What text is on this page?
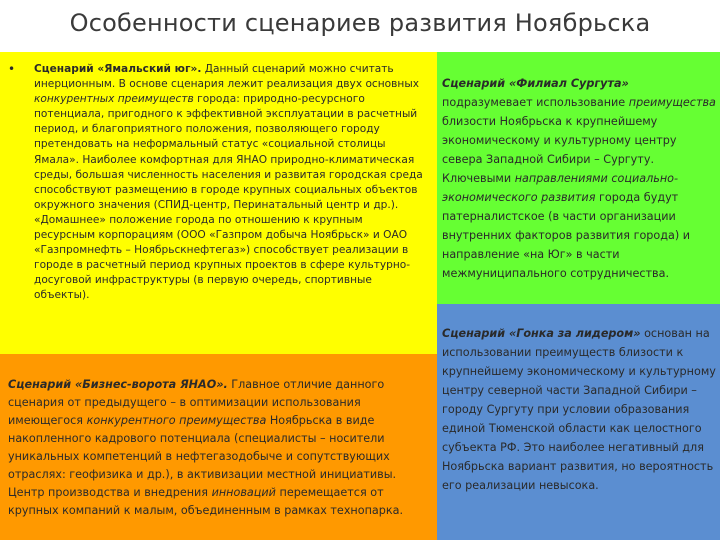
Особенности сценариев развития Ноябрьска
• Сценарий «Ямальский юг». Данный сценарий можно считать инерционным. В основе сценария лежит реализация двух основных конкурентных преимуществ города: природно-ресурсного потенциала, пригодного к эффективной эксплуатации в расчетный период, и благоприятного положения, позволяющего городу претендовать на неформальный статус «социальной столицы Ямала». Наиболее комфортная для ЯНАО природно-климатическая среды, большая численность населения и развитая городская среда способствуют размещению в городе крупных социальных объектов окружного значения (СПИД-центр, Перинатальный центр и др.). «Домашнее» положение города по отношению к крупным ресурсным корпорациям (ООО «Газпром добыча Ноябрьск» и ОАО «Газпромнефть – Ноябрьскнефтегаз») способствует реализации в городе в расчетный период крупных проектов в сфере культурно-досуговой инфраструктуры (в первую очередь, спортивные объекты).

Сценарий «Бизнес-ворота ЯНАО». Главное отличие данного сценария от предыдущего – в оптимизации использования имеющегося конкурентного преимущества Ноябрьска в виде накопленного кадрового потенциала (специалисты – носители уникальных компетенций в нефтегазодобыче и сопутствующих отраслях: геофизика и др.), в активизации местной инициативы. Центр производства и внедрения инноваций перемещается от крупных компаний к малым, объединенным в рамках технопарка.

Сценарий «Филиал Сургута» подразумевает использование преимущества близости Ноябрьска к крупнейшему экономическому и культурному центру севера Западной Сибири – Сургуту. Ключевыми направлениями социально-экономического развития города будут патерналистское (в части организации внутренних факторов развития города) и направление «на Юг» в части межмуниципального сотрудничества.

Сценарий «Гонка за лидером» основан на использовании преимуществ близости к крупнейшему экономическому и культурному центру северной части Западной Сибири – городу Сургуту при условии образования единой Тюменской области как целостного субъекта РФ. Это наиболее негативный для Ноябрьска вариант развития, но вероятность его реализации невысока.
